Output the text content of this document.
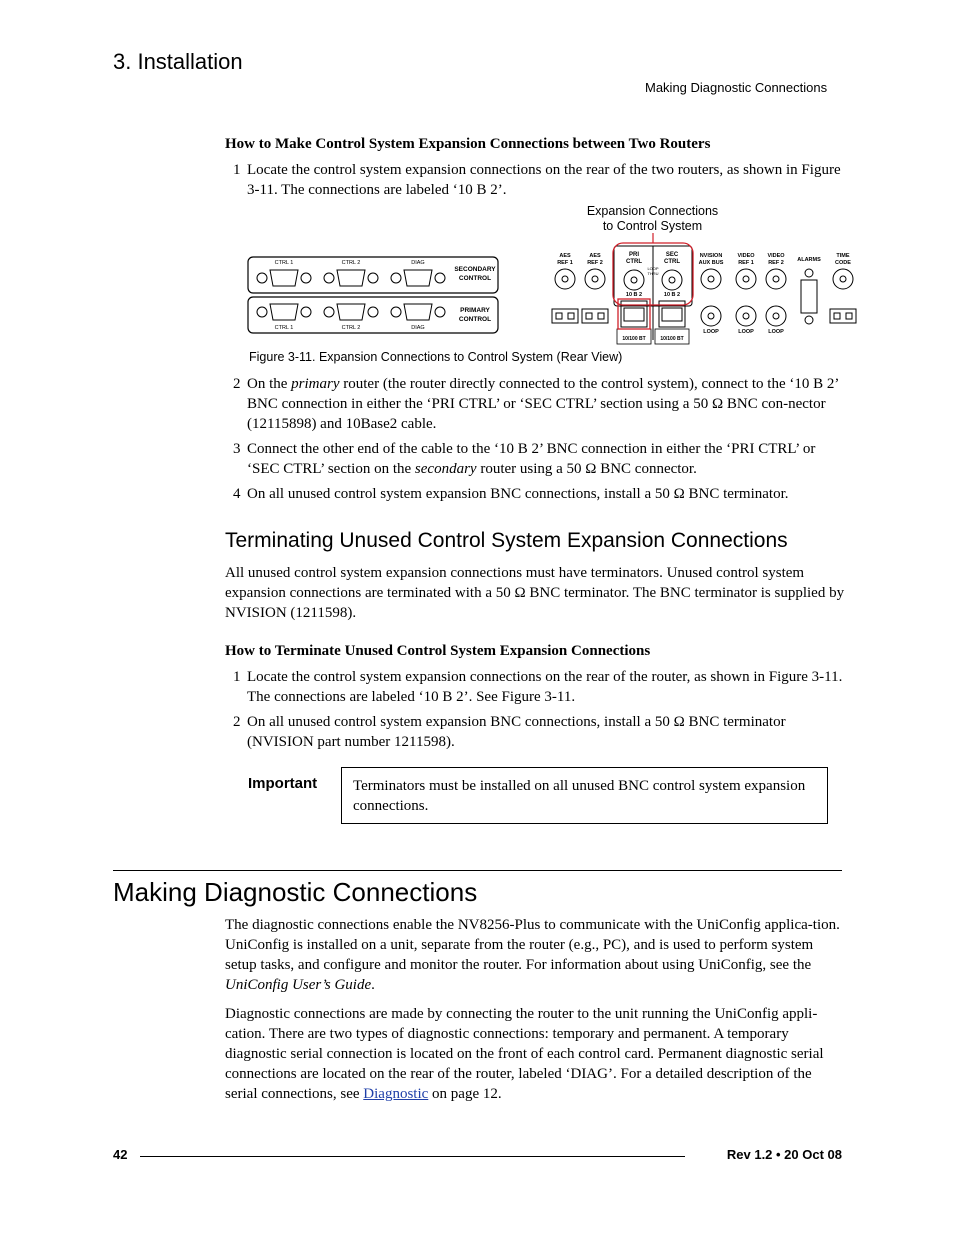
3. Installation
Making Diagnostic Connections
How to Make Control System Expansion Connections between Two Routers
1 Locate the control system expansion connections on the rear of the two routers, as shown in Figure 3-11. The connections are labeled ‘10 B 2’.
Expansion Connections
to Control System
CTRL 1	CTRL 2	DIAG
SECONDARY
CONTROL
CTRL 1	CTRL 2	DIAG
PRIMARY
CONTROL
AES
REF 1
AES
REF 2
PRI
CTRL
SEC
CTRL
LOOP
THRU
10 B 2	10 B 2
10/100 BT	10/100 BT
NVISION
AUX BUS
LOOP
VIDEO
REF 1
LOOP
VIDEO
REF 2
LOOP
ALARMS
TIME
CODE
Figure 3-11. Expansion Connections to Control System (Rear View)
2 On the primary router (the router directly connected to the control system), connect to the ‘10 B 2’ BNC connection in either the ‘PRI CTRL’ or ‘SEC CTRL’ section using a 50 Ω BNC con-nector (12115898) and 10Base2 cable.
3 Connect the other end of the cable to the ‘10 B 2’ BNC connection in either the ‘PRI CTRL’ or ‘SEC CTRL’ section on the secondary router using a 50 Ω BNC connector.
4 On all unused control system expansion BNC connections, install a 50 Ω BNC terminator.
Terminating Unused Control System Expansion Connections
All unused control system expansion connections must have terminators. Unused control system expansion connections are terminated with a 50 Ω BNC terminator. The BNC terminator is supplied by NVISION (1211598).
How to Terminate Unused Control System Expansion Connections
1 Locate the control system expansion connections on the rear of the router, as shown in Figure 3-11. The connections are labeled ‘10 B 2’. See Figure 3-11.
2 On all unused control system expansion BNC connections, install a 50 Ω BNC terminator (NVISION part number 1211598).
Important Terminators must be installed on all unused BNC control system expansion connections.
Making Diagnostic Connections
The diagnostic connections enable the NV8256-Plus to communicate with the UniConfig applica-tion. UniConfig is installed on a unit, separate from the router (e.g., PC), and is used to perform system setup tasks, and configure and monitor the router. For information about using UniConfig, see the UniConfig User’s Guide.
Diagnostic connections are made by connecting the router to the unit running the UniConfig appli-cation. There are two types of diagnostic connections: temporary and permanent. A temporary diagnostic serial connection is located on the front of each control card. Permanent diagnostic serial connections are located on the rear of the router, labeled ‘DIAG’. For a detailed description of the serial connections, see Diagnostic on page 12.
42	Rev 1.2 • 20 Oct 08
